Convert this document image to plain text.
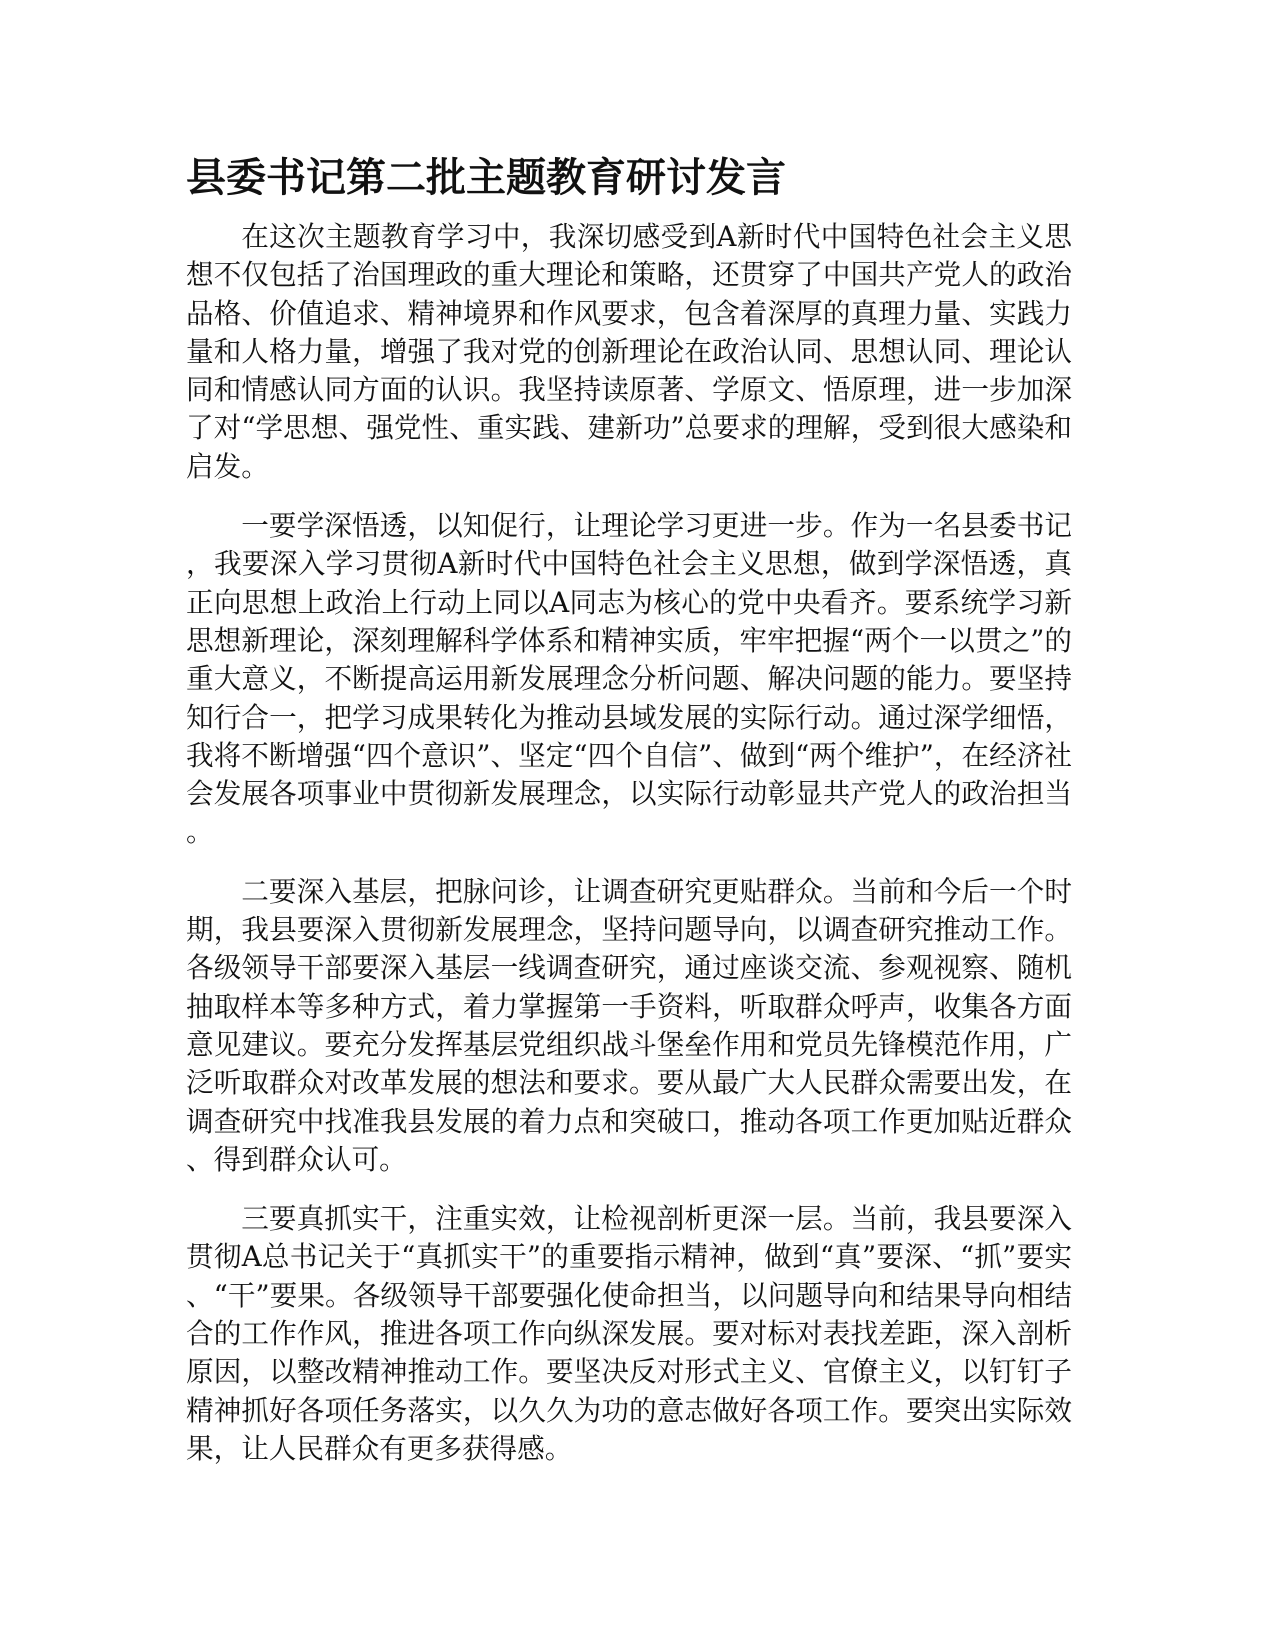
县委书记第二批主题教育研讨发言

在这次主题教育学习中，我深切感受到A新时代中国特色社会主义思想不仅包括了治国理政的重大理论和策略，还贯穿了中国共产党人的政治品格、价值追求、精神境界和作风要求，包含着深厚的真理力量、实践力量和人格力量，增强了我对党的创新理论在政治认同、思想认同、理论认同和情感认同方面的认识。我坚持读原著、学原文、悟原理，进一步加深了对“学思想、强党性、重实践、建新功”总要求的理解，受到很大感染和启发。

一要学深悟透，以知促行，让理论学习更进一步。作为一名县委书记，我要深入学习贯彻A新时代中国特色社会主义思想，做到学深悟透，真正向思想上政治上行动上同以A同志为核心的党中央看齐。要系统学习新思想新理论，深刻理解科学体系和精神实质，牢牢把握“两个一以贯之”的重大意义，不断提高运用新发展理念分析问题、解决问题的能力。要坚持知行合一，把学习成果转化为推动县域发展的实际行动。通过深学细悟，我将不断增强“四个意识”、坚定“四个自信”、做到“两个维护”，在经济社会发展各项事业中贯彻新发展理念，以实际行动彰显共产党人的政治担当。

二要深入基层，把脉问诊，让调查研究更贴群众。当前和今后一个时期，我县要深入贯彻新发展理念，坚持问题导向，以调查研究推动工作。各级领导干部要深入基层一线调查研究，通过座谈交流、参观视察、随机抽取样本等多种方式，着力掌握第一手资料，听取群众呼声，收集各方面意见建议。要充分发挥基层党组织战斗堡垒作用和党员先锋模范作用，广泛听取群众对改革发展的想法和要求。要从最广大人民群众需要出发，在调查研究中找准我县发展的着力点和突破口，推动各项工作更加贴近群众、得到群众认可。

三要真抓实干，注重实效，让检视剖析更深一层。当前，我县要深入贯彻A总书记关于“真抓实干”的重要指示精神，做到“真”要深、“抓”要实、“干”要果。各级领导干部要强化使命担当，以问题导向和结果导向相结合的工作作风，推进各项工作向纵深发展。要对标对表找差距，深入剖析原因，以整改精神推动工作。要坚决反对形式主义、官僚主义，以钉钉子精神抓好各项任务落实，以久久为功的意志做好各项工作。要突出实际效果，让人民群众有更多获得感。
